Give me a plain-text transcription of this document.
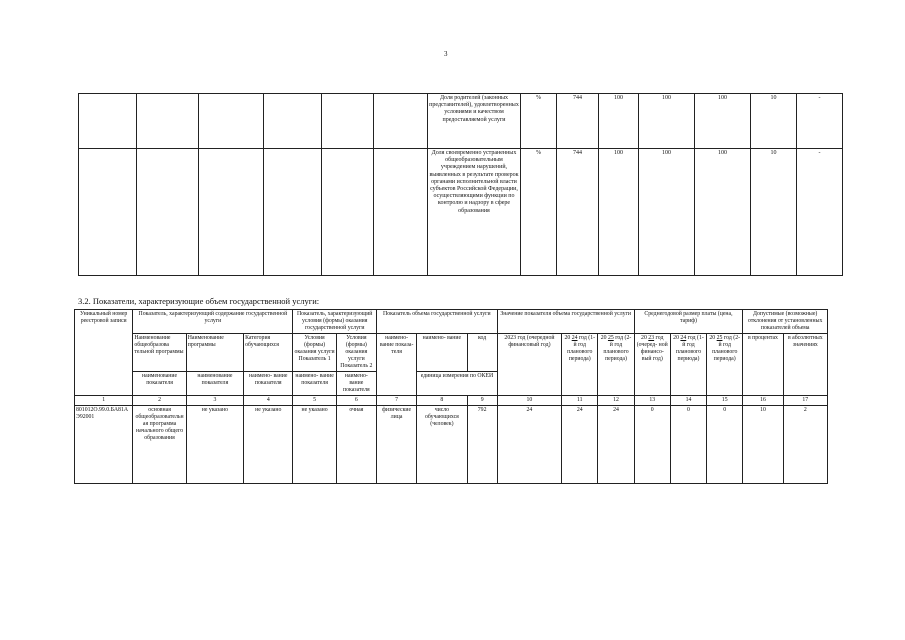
3
						Доля родителей (законных представителей), удовлетворенных условиями и качеством предоставляемой услуги	%	744	100	100	100	10	-
						Доля своевременно устраненных общеобразовательным учреждением нарушений, выявленных в результате проверок органами исполнительной власти субъектов Российской Федерации, осуществляющими функции по контролю и надзору в сфере образования	%	744	100	100	100	10	-
3.2. Показатели, характеризующие объем государственной услуги:
Уникальный номер реестровой записи	Показатель, характеризующий содержание государственной услуги			Показатель, характеризующий условия (формы) оказания государственной услуги		Показатель объема государственной услуги			Значение показателя объема государственной услуги			Среднегодовой размер платы (цена, тариф)			Допустимые (возможные) отклонения от установленных показателей объема	
	Наименование общеобразова тельной программы	Наименование программы	Категория обучающихся	Условия (формы) оказания услуги Показатель 1	Условия (формы) оказания услуги Показатель 2	наимено- вание показа- теля	наимено- вание	код	2023 год (очередной финансовый год)	20 24 год (1-й год планового периода)	20 25 год (2-й год планового периода)	20 23 год (очеред- ной финансо- вый год)	20 24 год (1-й год планового периода)	20 25 год (2-й год планового периода)	в процентах	в абсолютных значениях
	наименование показателя	наименование показателя	наимено- вание показателя	наимено- вание показателя	наимено- вание показателя		единица измерения по ОКЕИ									
1	2	3	4	5	6	7	8	9	10	11	12	13	14	15	16	17
801012О.99.0.БА81АЭ92001	основная общеобразовательная программа начального общего образования	не указано	не указано	не указано	очная	физические лица	число обучающихся (человек)	792	24	24	24	0	0	0	10	2
